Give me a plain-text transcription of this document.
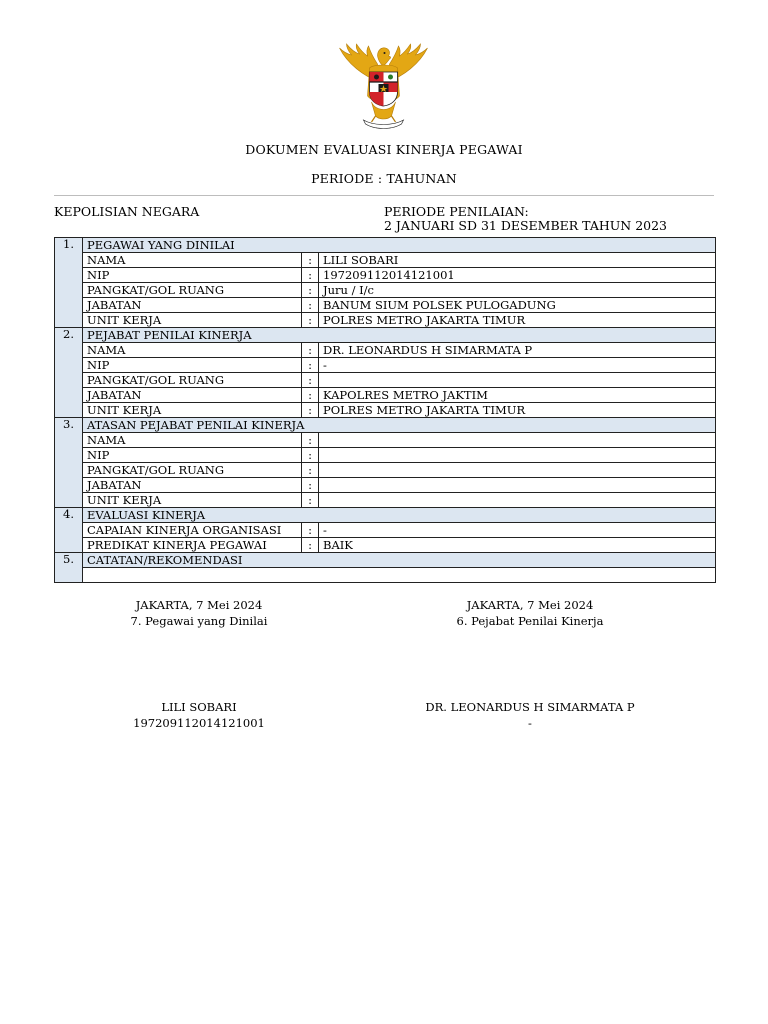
DOKUMEN EVALUASI KINERJA PEGAWAI
PERIODE : TAHUNAN
KEPOLISIAN NEGARA	PERIODE PENILAIAN:
2 JANUARI SD 31 DESEMBER TAHUN 2023
1.	PEGAWAI YANG DINILAI		
	NAMA	:	LILI SOBARI
	NIP	:	197209112014121001
	PANGKAT/GOL RUANG	:	Juru / I/c
	JABATAN	:	BANUM SIUM POLSEK PULOGADUNG
	UNIT KERJA	:	POLRES METRO JAKARTA TIMUR
2.	PEJABAT PENILAI KINERJA		
	NAMA	:	DR. LEONARDUS H SIMARMATA P
	NIP	:	-
	PANGKAT/GOL RUANG	:	
	JABATAN	:	KAPOLRES METRO JAKTIM
	UNIT KERJA	:	POLRES METRO JAKARTA TIMUR
3.	ATASAN PEJABAT PENILAI KINERJA		
	NAMA	:	
	NIP	:	
	PANGKAT/GOL RUANG	:	
	JABATAN	:	
	UNIT KERJA	:	
4.	EVALUASI KINERJA		
	CAPAIAN KINERJA ORGANISASI	:	-
	PREDIKAT KINERJA PEGAWAI	:	BAIK
5.	CATATAN/REKOMENDASI		

JAKARTA, 7 Mei 2024
7. Pegawai yang Dinilai
LILI SOBARI
197209112014121001
JAKARTA, 7 Mei 2024
6. Pejabat Penilai Kinerja
DR. LEONARDUS H SIMARMATA P
-
